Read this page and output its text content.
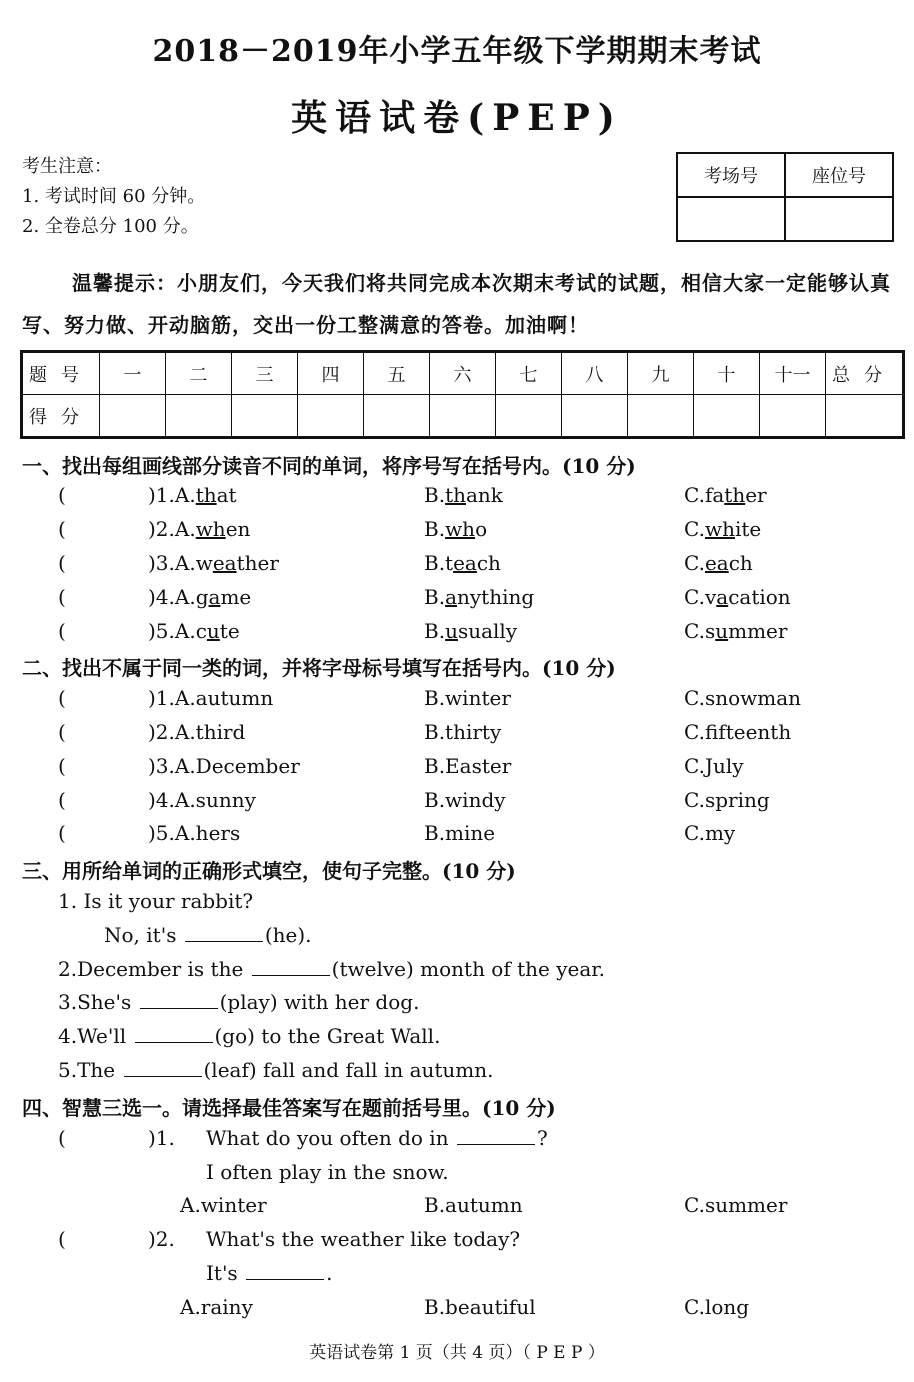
2018－2019年小学五年级下学期期末考试
英语试卷(PEP)
考生注意：
1. 考试时间 60 分钟。
2. 全卷总分 100 分。
考场号	座位号

温馨提示：小朋友们，今天我们将共同完成本次期末考试的试题，相信大家一定能够认真写、努力做、开动脑筋，交出一份工整满意的答卷。加油啊！
题号	一	二	三	四	五	六	七	八	九	十	十一	总分
得分												
一、找出每组画线部分读音不同的单词，将序号写在括号内。(10 分)
(	)1.A.that	B.thank	C.father
(	)2.A.when	B.who	C.white
(	)3.A.weather	B.teach	C.each
(	)4.A.game	B.anything	C.vacation
(	)5.A.cute	B.usually	C.summer
二、找出不属于同一类的词，并将字母标号填写在括号内。(10 分)
(	)1.A.autumn	B.winter	C.snowman
(	)2.A.third	B.thirty	C.fifteenth
(	)3.A.December	B.Easter	C.July
(	)4.A.sunny	B.windy	C.spring
(	)5.A.hers	B.mine	C.my
三、用所给单词的正确形式填空，使句子完整。(10 分)
1. Is it your rabbit?
No, it's	(he).
2.December is the	(twelve) month of the year.
3.She's	(play) with her dog.
4.We'll	(go) to the Great Wall.
5.The	(leaf) fall and fall in autumn.
四、智慧三选一。请选择最佳答案写在题前括号里。(10 分)
(	)1. What do you often do in	?
I often play in the snow.
A.winter	B.autumn	C.summer
(	)2. What's the weather like today?
It's	.
A.rainy	B.beautiful	C.long
英语试卷第 1 页（共 4 页）（ P E P ）
